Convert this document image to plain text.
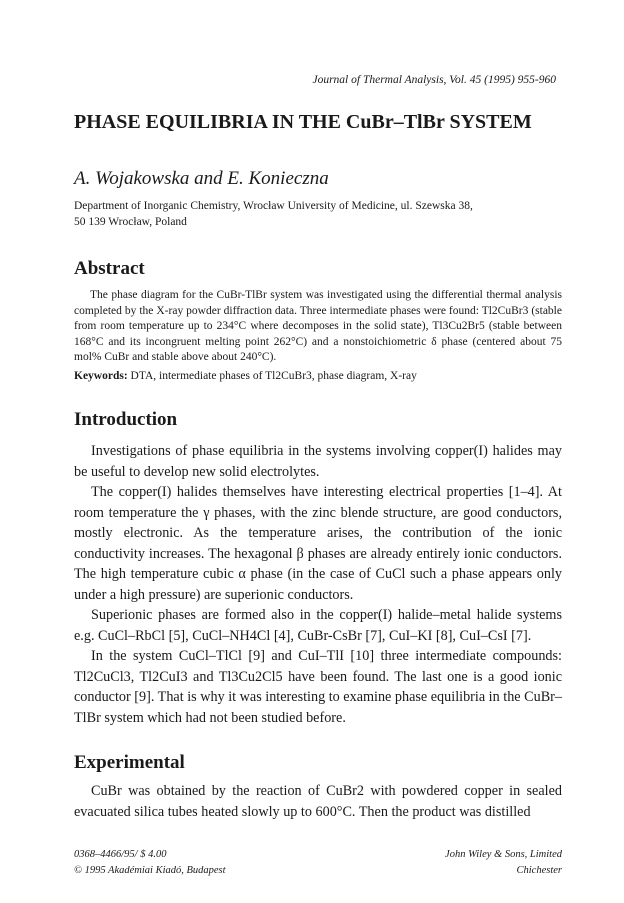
Journal of Thermal Analysis, Vol. 45 (1995) 955-960
PHASE EQUILIBRIA IN THE CuBr–TlBr SYSTEM
A. Wojakowska and E. Konieczna
Department of Inorganic Chemistry, Wrocław University of Medicine, ul. Szewska 38,
50 139 Wrocław, Poland
Abstract

The phase diagram for the CuBr-TlBr system was investigated using the differential thermal analysis completed by the X-ray powder diffraction data. Three intermediate phases were found: Tl2CuBr3 (stable from room temperature up to 234°C where decomposes in the solid state), Tl3Cu2Br5 (stable between 168°C and its incongruent melting point 262°C) and a nonstoichiometric δ phase (centered about 75 mol% CuBr and stable above about 240°C).

Keywords: DTA, intermediate phases of Tl2CuBr3, phase diagram, X-ray
Introduction

Investigations of phase equilibria in the systems involving copper(I) halides may be useful to develop new solid electrolytes.

The copper(I) halides themselves have interesting electrical properties [1–4]. At room temperature the γ phases, with the zinc blende structure, are good conductors, mostly electronic. As the temperature arises, the contribution of the ionic conductivity increases. The hexagonal β phases are already entirely ionic conductors. The high temperature cubic α phase (in the case of CuCl such a phase appears only under a high pressure) are superionic conductors.

Superionic phases are formed also in the copper(I) halide–metal halide systems e.g. CuCl–RbCl [5], CuCl–NH4Cl [4], CuBr-CsBr [7], CuI–KI [8], CuI–CsI [7].

In the system CuCl–TlCl [9] and CuI–TlI [10] three intermediate compounds: Tl2CuCl3, Tl2CuI3 and Tl3Cu2Cl5 have been found. The last one is a good ionic conductor [9]. That is why it was interesting to examine phase equilibria in the CuBr–TlBr system which had not been studied before.

Experimental

CuBr was obtained by the reaction of CuBr2 with powdered copper in sealed evacuated silica tubes heated slowly up to 600°C. Then the product was distilled

0368–4466/95/ $ 4.00	John Wiley & Sons, Limited
© 1995 Akadémiai Kiadó, Budapest	Chichester
